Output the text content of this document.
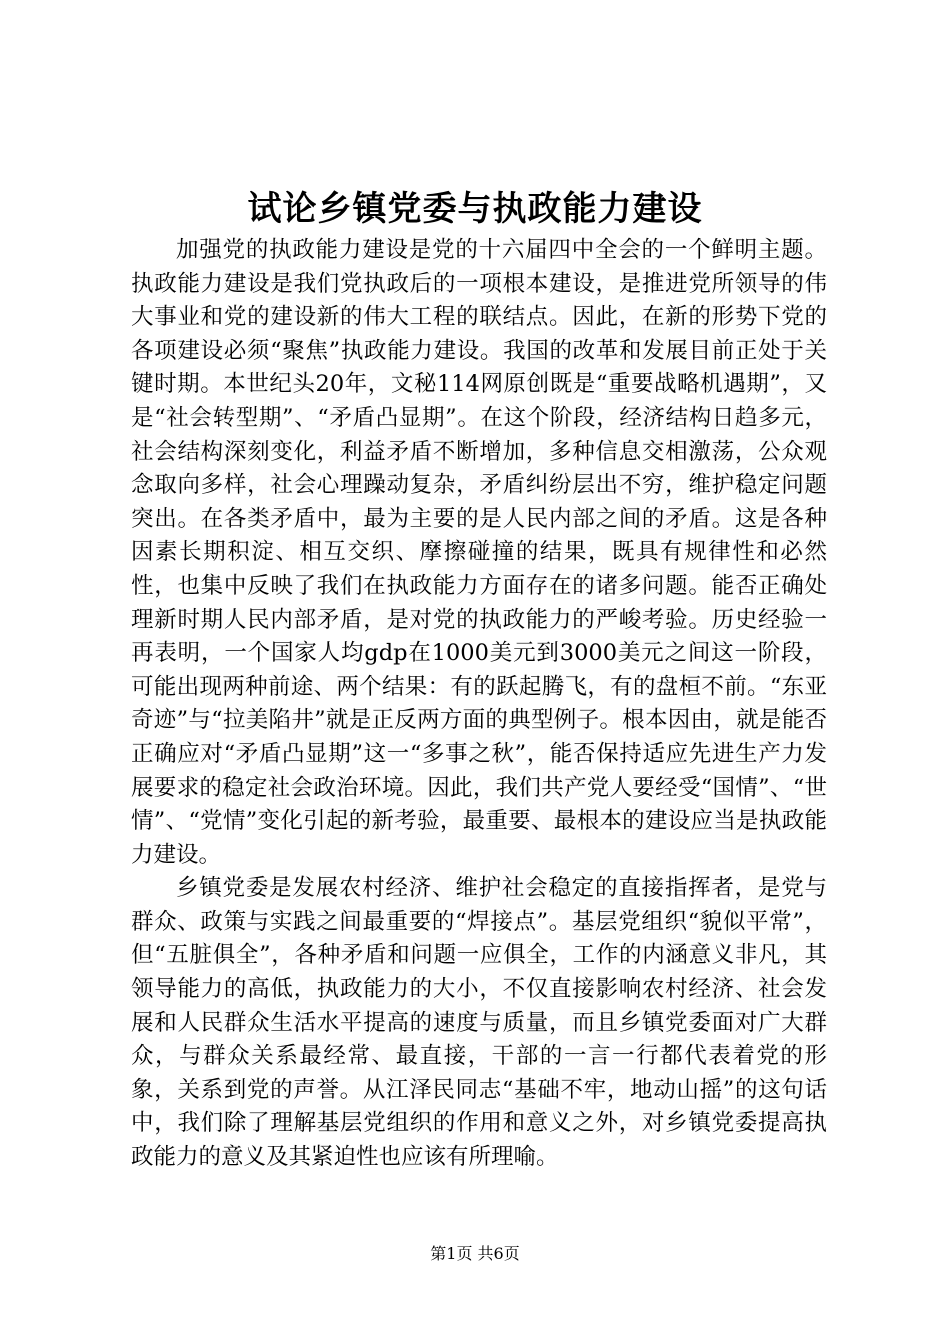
试论乡镇党委与执政能力建设

加强党的执政能力建设是党的十六届四中全会的一个鲜明主题。执政能力建设是我们党执政后的一项根本建设，是推进党所领导的伟大事业和党的建设新的伟大工程的联结点。因此，在新的形势下党的各项建设必须“聚焦”执政能力建设。我国的改革和发展目前正处于关键时期。本世纪头20年，文秘114网原创既是“重要战略机遇期”，又是“社会转型期”、“矛盾凸显期”。在这个阶段，经济结构日趋多元，社会结构深刻变化，利益矛盾不断增加，多种信息交相激荡，公众观念取向多样，社会心理躁动复杂，矛盾纠纷层出不穷，维护稳定问题突出。在各类矛盾中，最为主要的是人民内部之间的矛盾。这是各种因素长期积淀、相互交织、摩擦碰撞的结果，既具有规律性和必然性，也集中反映了我们在执政能力方面存在的诸多问题。能否正确处理新时期人民内部矛盾，是对党的执政能力的严峻考验。历史经验一再表明，一个国家人均gdp在1000美元到3000美元之间这一阶段，可能出现两种前途、两个结果：有的跃起腾飞，有的盘桓不前。“东亚奇迹”与“拉美陷井”就是正反两方面的典型例子。根本因由，就是能否正确应对“矛盾凸显期”这一“多事之秋”，能否保持适应先进生产力发展要求的稳定社会政治环境。因此，我们共产党人要经受“国情”、“世情”、“党情”变化引起的新考验，最重要、最根本的建设应当是执政能力建设。

乡镇党委是发展农村经济、维护社会稳定的直接指挥者，是党与群众、政策与实践之间最重要的“焊接点”。基层党组织“貌似平常”，但“五脏俱全”，各种矛盾和问题一应俱全，工作的内涵意义非凡，其领导能力的高低，执政能力的大小，不仅直接影响农村经济、社会发展和人民群众生活水平提高的速度与质量，而且乡镇党委面对广大群众，与群众关系最经常、最直接，干部的一言一行都代表着党的形象，关系到党的声誉。从江泽民同志“基础不牢，地动山摇”的这句话中，我们除了理解基层党组织的作用和意义之外，对乡镇党委提高执政能力的意义及其紧迫性也应该有所理喻。

第1页 共6页
